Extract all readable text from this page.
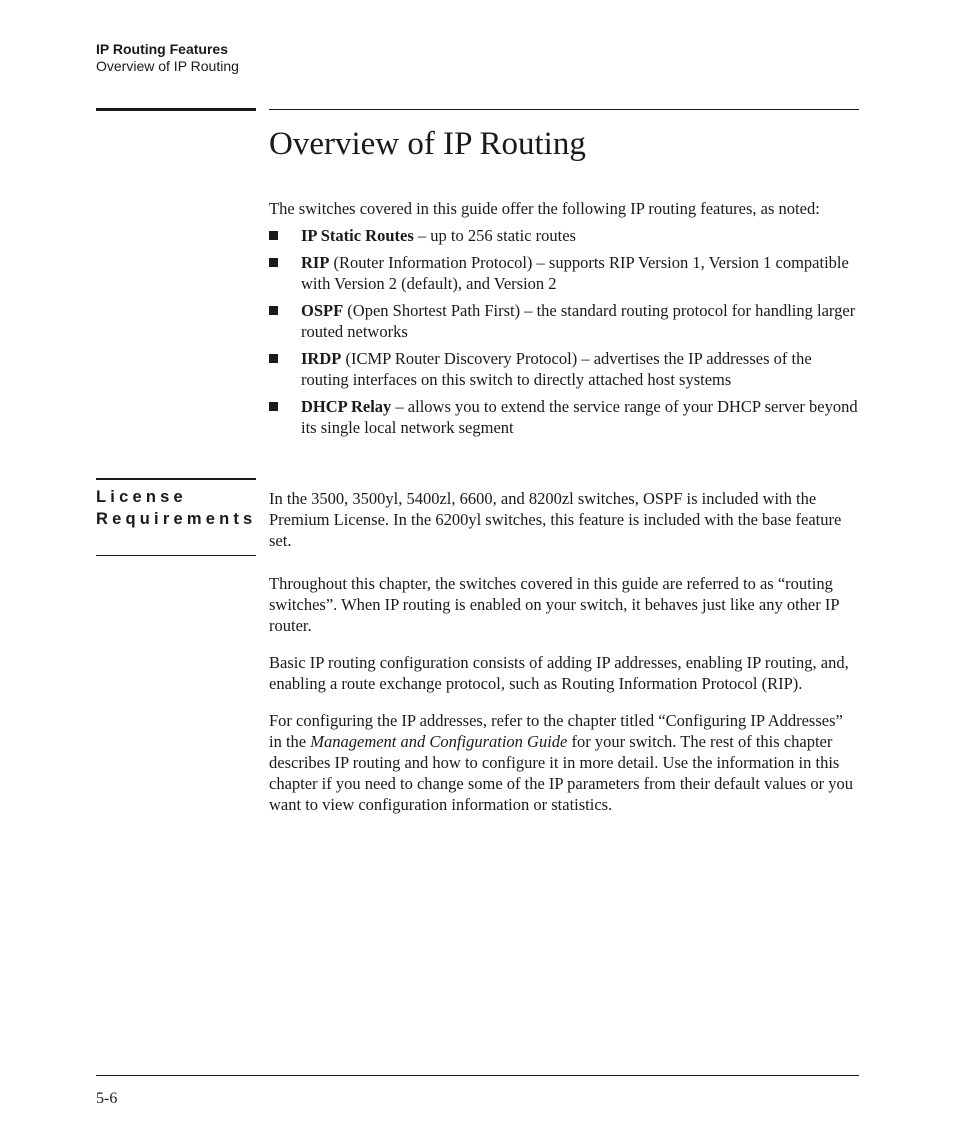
IP Routing Features
Overview of IP Routing
Overview of IP Routing

The switches covered in this guide offer the following IP routing features, as noted:

IP Static Routes – up to 256 static routes
RIP (Router Information Protocol) – supports RIP Version 1, Version 1 compatible with Version 2 (default), and Version 2
OSPF (Open Shortest Path First) – the standard routing protocol for handling larger routed networks
IRDP (ICMP Router Discovery Protocol) – advertises the IP addresses of the routing interfaces on this switch to directly attached host systems
DHCP Relay – allows you to extend the service range of your DHCP server beyond its single local network segment
License
Requirements

In the 3500, 3500yl, 5400zl, 6600, and 8200zl switches, OSPF is included with the Premium License. In the 6200yl switches, this feature is included with the base feature set.

Throughout this chapter, the switches covered in this guide are referred to as “routing switches”. When IP routing is enabled on your switch, it behaves just like any other IP router.

Basic IP routing configuration consists of adding IP addresses, enabling IP routing, and, enabling a route exchange protocol, such as Routing Information Protocol (RIP).

For configuring the IP addresses, refer to the chapter titled “Configuring IP Addresses” in the Management and Configuration Guide for your switch. The rest of this chapter describes IP routing and how to configure it in more detail. Use the information in this chapter if you need to change some of the IP parameters from their default values or you want to view configuration information or statistics.

5-6
